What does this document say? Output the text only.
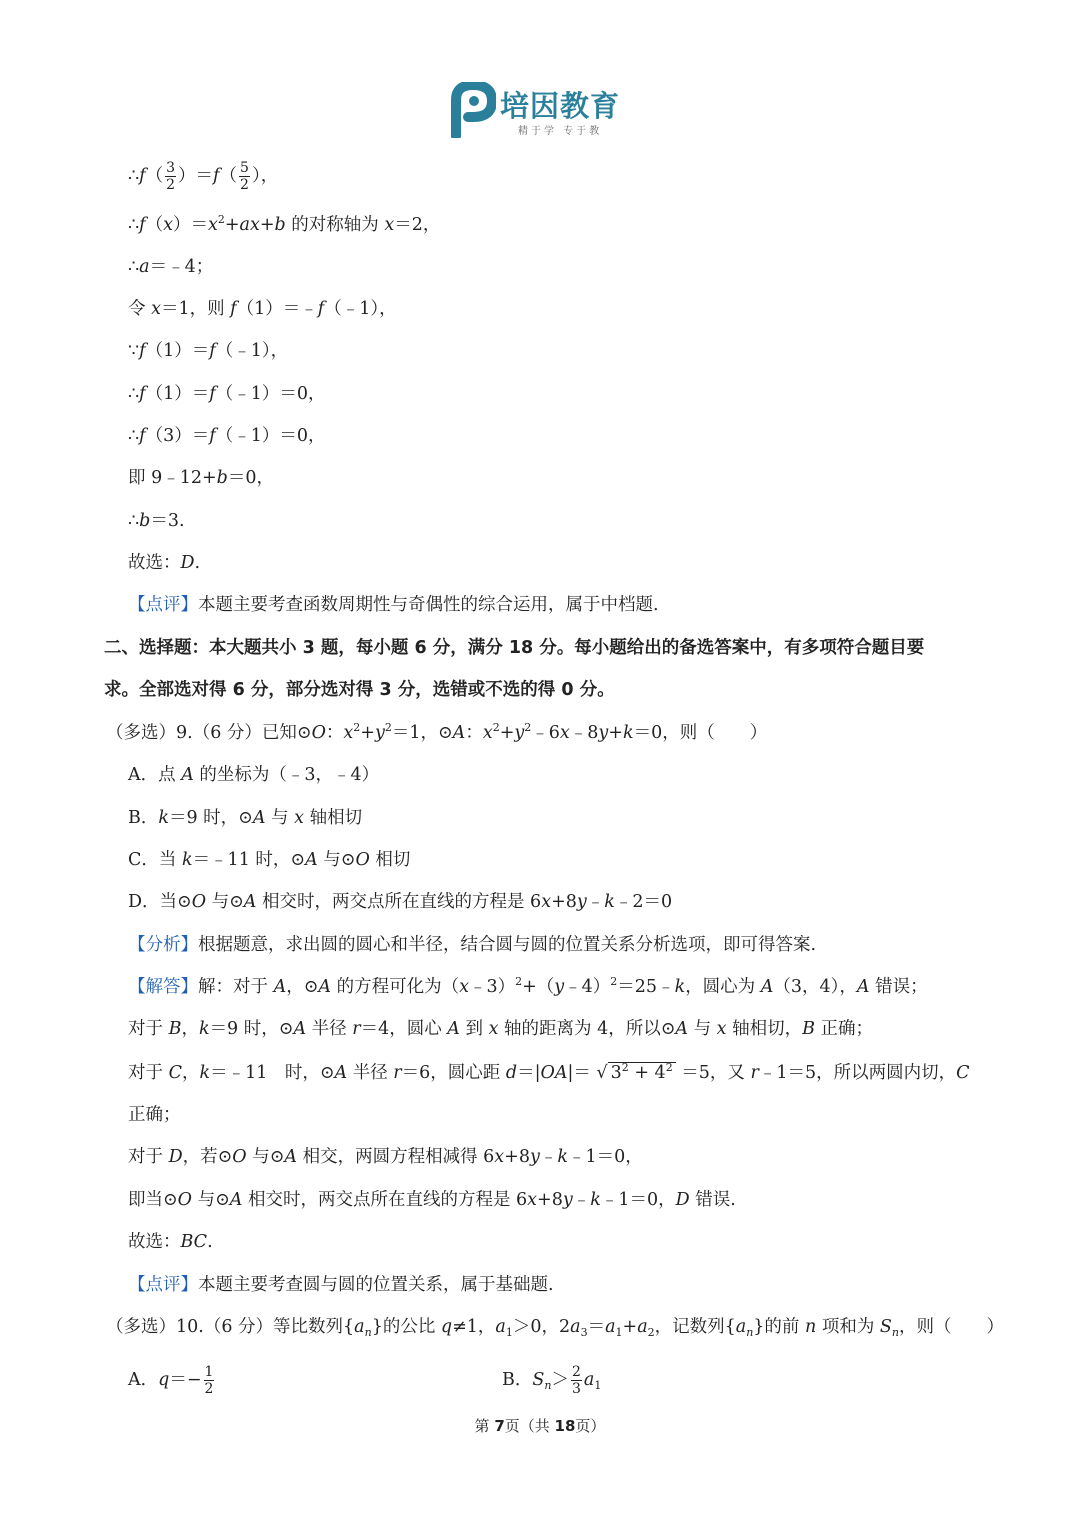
培因教育
精于学 专于教
∴f（ $\frac{3}{2} )=f( \frac{5}{2}$ ），
$\therefore f(x)=x^2+ax+b$ 的对称轴为 x＝2，
∴a＝﹣4；
令 x＝1，则 f（1）＝﹣f（﹣1），
∵f（1）＝f（﹣1），
∴f（1）＝f（﹣1）＝0，
∴f（3）＝f（﹣1）＝0，
即 9﹣12+b＝0，
∴b＝3.
故选：D.
【点评】本题主要考查函数周期性与奇偶性的综合运用，属于中档题.
二、选择题：本大题共小 3 题，每小题 6 分，满分 18 分。每小题给出的备选答案中，有多项符合题目要
求。全部选对得 6 分，部分选对得 3 分，选错或不选的得 0 分。
（多选）9.（6 分）已知⊙O：$x^2+y^2=1$，⊙A：$x^2+y^2﹣6x﹣8y+k=0$，则（　　）
A．点 A 的坐标为（﹣3，﹣4）
B．k＝9 时，⊙A 与 x 轴相切
C．当 k＝﹣11 时，⊙A 与⊙O 相切
D．当⊙O 与⊙A 相交时，两交点所在直线的方程是 6x+8y﹣k﹣2＝0
【分析】根据题意，求出圆的圆心和半径，结合圆与圆的位置关系分析选项，即可得答案.
【解答】解：对于 A，⊙A 的方程可化为（x﹣3）$^2$+（y﹣4）$^2$＝25﹣k，圆心为 A（3，4），A 错误；
对于 B，k＝9 时，⊙A 半径 r＝4，圆心 A 到 x 轴的距离为 4，所以⊙A 与 x 轴相切，B 正确；
对于 C，k＝﹣11　时，⊙A 半径 r＝6，圆心距 d＝|OA|＝ √ $3^2 + 4^2 =5$，又 r﹣1＝5，所以两圆内切，C
正确；
对于 D，若⊙O 与⊙A 相交，两圆方程相减得 6x+8y﹣k﹣1＝0，
即当⊙O 与⊙A 相交时，两交点所在直线的方程是 6x+8y﹣k﹣1＝0，D 错误.
故选：BC.
【点评】本题主要考查圆与圆的位置关系，属于基础题.
（多选）10.（6 分）等比数列$\{a_n\}$的公比 q≠1，$a_1>0$，$2a_3=a_1+a_2$，记数列$\{a_n\}$的前 n 项和为 $S_n$，则（　　）
A．$q=- \frac{1}{2}$	B．$S_n> \frac{2}{3} a_1$
第 7页（共 18页）
